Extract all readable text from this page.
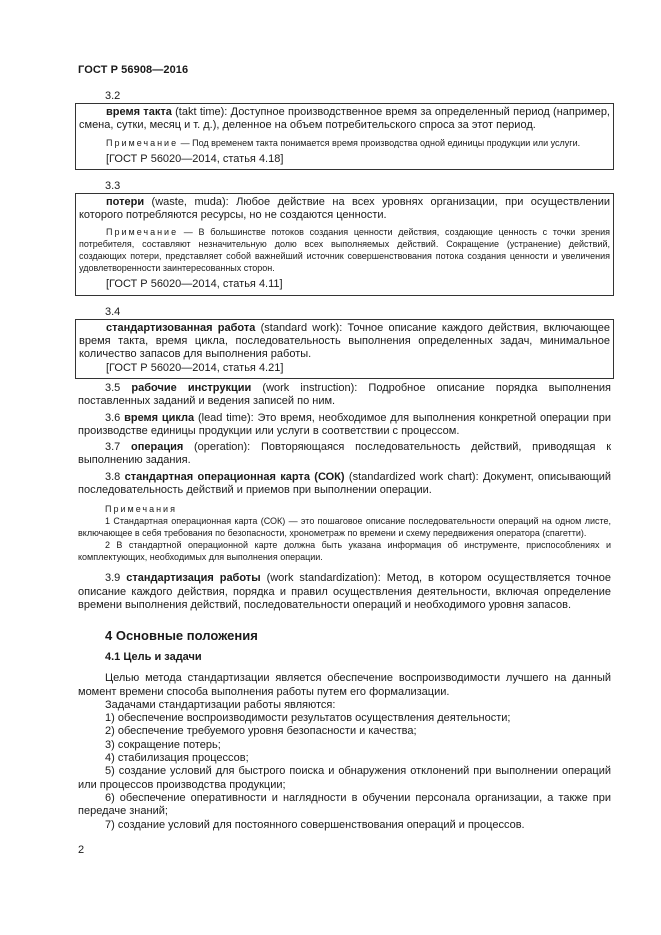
ГОСТ Р 56908—2016
3.2

время такта (takt time): Доступное производственное время за определенный период (например, смена, сутки, месяц и т. д.), деленное на объем потребительского спроса за этот период.

Примечание — Под временем такта понимается время производства одной единицы продукции или услуги.

[ГОСТ Р 56020—2014, статья 4.18]

3.3

потери (waste, muda): Любое действие на всех уровнях организации, при осуществлении которого потребляются ресурсы, но не создаются ценности.

Примечание — В большинстве потоков создания ценности действия, создающие ценность с точки зрения потребителя, составляют незначительную долю всех выполняемых действий. Сокращение (устранение) действий, создающих потери, представляет собой важнейший источник совершенствования потока создания ценности и увеличения удовлетворенности заинтересованных сторон.

[ГОСТ Р 56020—2014, статья 4.11]

3.4

стандартизованная работа (standard work): Точное описание каждого действия, включающее время такта, время цикла, последовательность выполнения определенных задач, минимальное количество запасов для выполнения работы.

[ГОСТ Р 56020—2014, статья 4.21]

3.5 рабочие инструкции (work instruction): Подробное описание порядка выполнения поставленных заданий и ведения записей по ним.

3.6 время цикла (lead time): Это время, необходимое для выполнения конкретной операции при производстве единицы продукции или услуги в соответствии с процессом.

3.7 операция (operation): Повторяющаяся последовательность действий, приводящая к выполнению задания.

3.8 стандартная операционная карта (СОК) (standardized work chart): Документ, описывающий последовательность действий и приемов при выполнении операции.

Примечания

1 Стандартная операционная карта (СОК) — это пошаговое описание последовательности операций на одном листе, включающее в себя требования по безопасности, хронометраж по времени и схему передвижения оператора (спагетти).

2 В стандартной операционной карте должна быть указана информация об инструменте, приспособлениях и комплектующих, необходимых для выполнения операции.

3.9 стандартизация работы (work standardization): Метод, в котором осуществляется точное описание каждого действия, порядка и правил осуществления деятельности, включая определение времени выполнения действий, последовательности операций и необходимого уровня запасов.

4 Основные положения
4.1 Цель и задачи

Целью метода стандартизации является обеспечение воспроизводимости лучшего на данный момент времени способа выполнения работы путем его формализации.

Задачами стандартизации работы являются:

1) обеспечение воспроизводимости результатов осуществления деятельности;

2) обеспечение требуемого уровня безопасности и качества;

3) сокращение потерь;

4) стабилизация процессов;

5) создание условий для быстрого поиска и обнаружения отклонений при выполнении операций или процессов производства продукции;

6) обеспечение оперативности и наглядности в обучении персонала организации, а также при передаче знаний;

7) создание условий для постоянного совершенствования операций и процессов.

2
